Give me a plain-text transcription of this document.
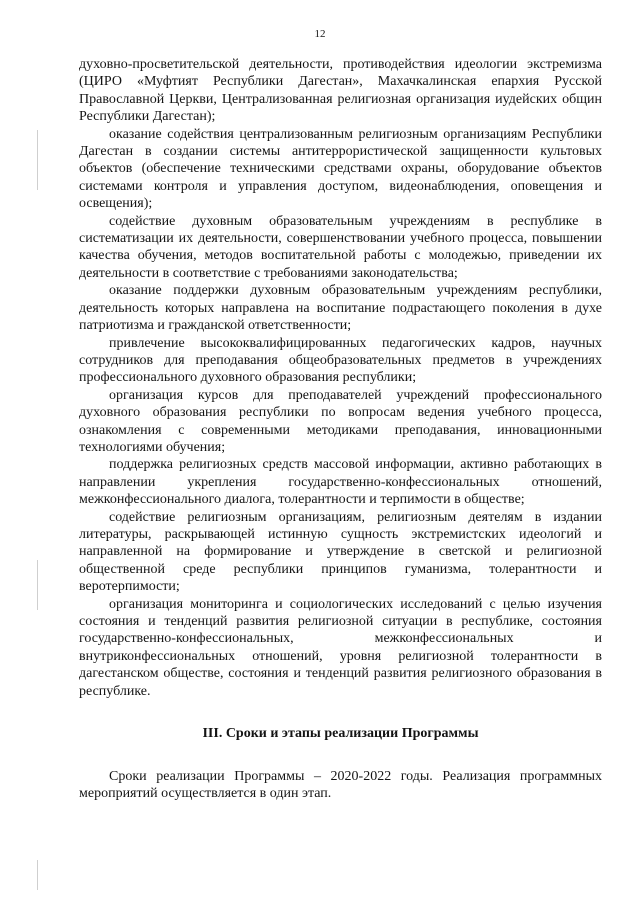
12

духовно-просветительской деятельности, противодействия идеологии экстремизма (ЦИРО «Муфтият Республики Дагестан», Махачкалинская епархия Русской Православной Церкви, Централизованная религиозная организация иудейских общин Республики Дагестан);

оказание содействия централизованным религиозным организациям Республики Дагестан в создании системы антитеррористической защищенности культовых объектов (обеспечение техническими средствами охраны, оборудование объектов системами контроля и управления доступом, видеонаблюдения, оповещения и освещения);

содействие духовным образовательным учреждениям в республике в систематизации их деятельности, совершенствовании учебного процесса, повышении качества обучения, методов воспитательной работы с молодежью, приведении их деятельности в соответствие с требованиями законодательства;

оказание поддержки духовным образовательным учреждениям республики, деятельность которых направлена на воспитание подрастающего поколения в духе патриотизма и гражданской ответственности;

привлечение высококвалифицированных педагогических кадров, научных сотрудников для преподавания общеобразовательных предметов в учреждениях профессионального духовного образования республики;

организация курсов для преподавателей учреждений профессионального духовного образования республики по вопросам ведения учебного процесса, ознакомления с современными методиками преподавания, инновационными технологиями обучения;

поддержка религиозных средств массовой информации, активно работающих в направлении укрепления государственно-конфессиональных отношений, межконфессионального диалога, толерантности и терпимости в обществе;

содействие религиозным организациям, религиозным деятелям в издании литературы, раскрывающей истинную сущность экстремистских идеологий и направленной на формирование и утверждение в светской и религиозной общественной среде республики принципов гуманизма, толерантности и веротерпимости;

организация мониторинга и социологических исследований с целью изучения состояния и тенденций развития религиозной ситуации в республике, состояния государственно-конфессиональных, межконфессиональных и внутриконфессиональных отношений, уровня религиозной толерантности в дагестанском обществе, состояния и тенденций развития религиозного образования в республике.

III. Сроки и этапы реализации Программы

Сроки реализации Программы – 2020-2022 годы. Реализация программных мероприятий осуществляется в один этап.
